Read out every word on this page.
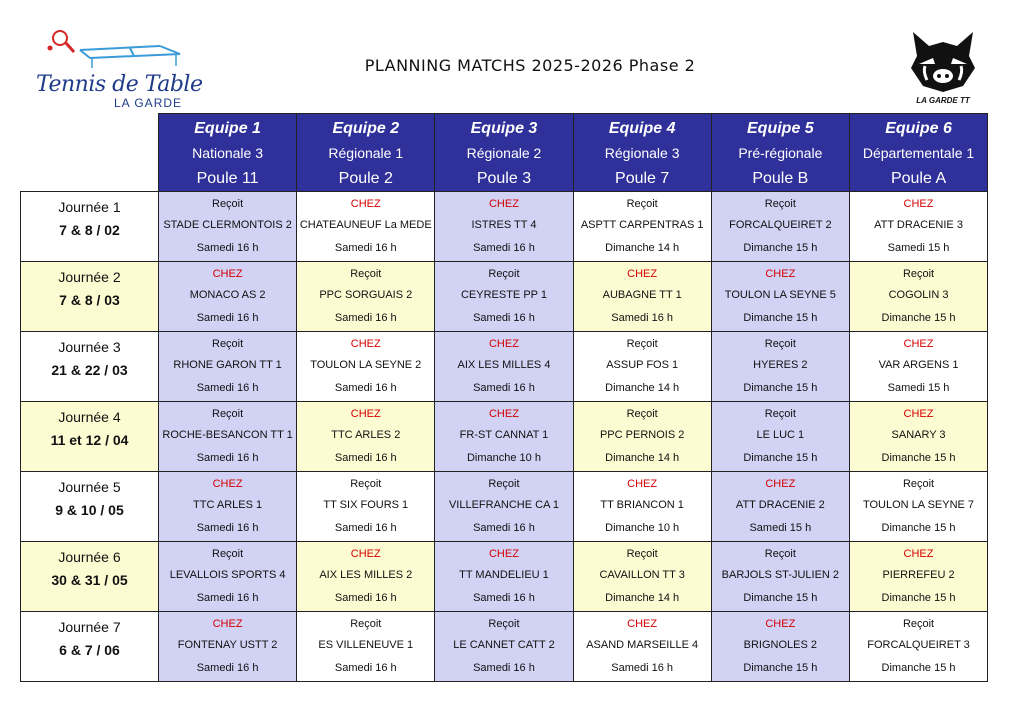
Tennis de Table
LA GARDE
PLANNING MATCHS 2025-2026 Phase 2
LA GARDE TT

	Equipe 1
Nationale 3
Poule 11	Equipe 2
Régionale 1
Poule 2	Equipe 3
Régionale 2
Poule 3	Equipe 4
Régionale 3
Poule 7	Equipe 5
Pré-régionale
Poule B	Equipe 6
Départementale 1
Poule A

Journée 1
7 & 8 / 02	Reçoit
STADE CLERMONTOIS 2
Samedi 16 h	CHEZ
CHATEAUNEUF La MEDE
Samedi 16 h	CHEZ
ISTRES TT 4
Samedi 16 h	Reçoit
ASPTT CARPENTRAS 1
Dimanche 14 h	Reçoit
FORCALQUEIRET 2
Dimanche 15 h	CHEZ
ATT DRACENIE 3
Samedi 15 h

Journée 2
7 & 8 / 03	CHEZ
MONACO AS 2
Samedi 16 h	Reçoit
PPC SORGUAIS 2
Samedi 16 h	Reçoit
CEYRESTE PP 1
Samedi 16 h	CHEZ
AUBAGNE TT 1
Samedi 16 h	CHEZ
TOULON LA SEYNE 5
Dimanche 15 h	Reçoit
COGOLIN 3
Dimanche 15 h

Journée 3
21 & 22 / 03	Reçoit
RHONE GARON TT 1
Samedi 16 h	CHEZ
TOULON LA SEYNE 2
Samedi 16 h	CHEZ
AIX LES MILLES 4
Samedi 16 h	Reçoit
ASSUP FOS 1
Dimanche 14 h	Reçoit
HYERES 2
Dimanche 15 h	CHEZ
VAR ARGENS 1
Samedi 15 h

Journée 4
11 et 12 / 04	Reçoit
ROCHE-BESANCON TT 1
Samedi 16 h	CHEZ
TTC ARLES 2
Samedi 16 h	CHEZ
FR-ST CANNAT 1
Dimanche 10 h	Reçoit
PPC PERNOIS 2
Dimanche 14 h	Reçoit
LE LUC 1
Dimanche 15 h	CHEZ
SANARY 3
Dimanche 15 h

Journée 5
9 & 10 / 05	CHEZ
TTC ARLES 1
Samedi 16 h	Reçoit
TT SIX FOURS 1
Samedi 16 h	Reçoit
VILLEFRANCHE CA 1
Samedi 16 h	CHEZ
TT BRIANCON 1
Dimanche 10 h	CHEZ
ATT DRACENIE 2
Samedi 15 h	Reçoit
TOULON LA SEYNE 7
Dimanche 15 h

Journée 6
30 & 31 / 05	Reçoit
LEVALLOIS SPORTS 4
Samedi 16 h	CHEZ
AIX LES MILLES 2
Samedi 16 h	CHEZ
TT MANDELIEU 1
Samedi 16 h	Reçoit
CAVAILLON TT 3
Dimanche 14 h	Reçoit
BARJOLS ST-JULIEN 2
Dimanche 15 h	CHEZ
PIERREFEU 2
Dimanche 15 h

Journée 7
6 & 7 / 06	CHEZ
FONTENAY USTT 2
Samedi 16 h	Reçoit
ES VILLENEUVE 1
Samedi 16 h	Reçoit
LE CANNET CATT 2
Samedi 16 h	CHEZ
ASAND MARSEILLE 4
Samedi 16 h	CHEZ
BRIGNOLES 2
Dimanche 15 h	Reçoit
FORCALQUEIRET 3
Dimanche 15 h
